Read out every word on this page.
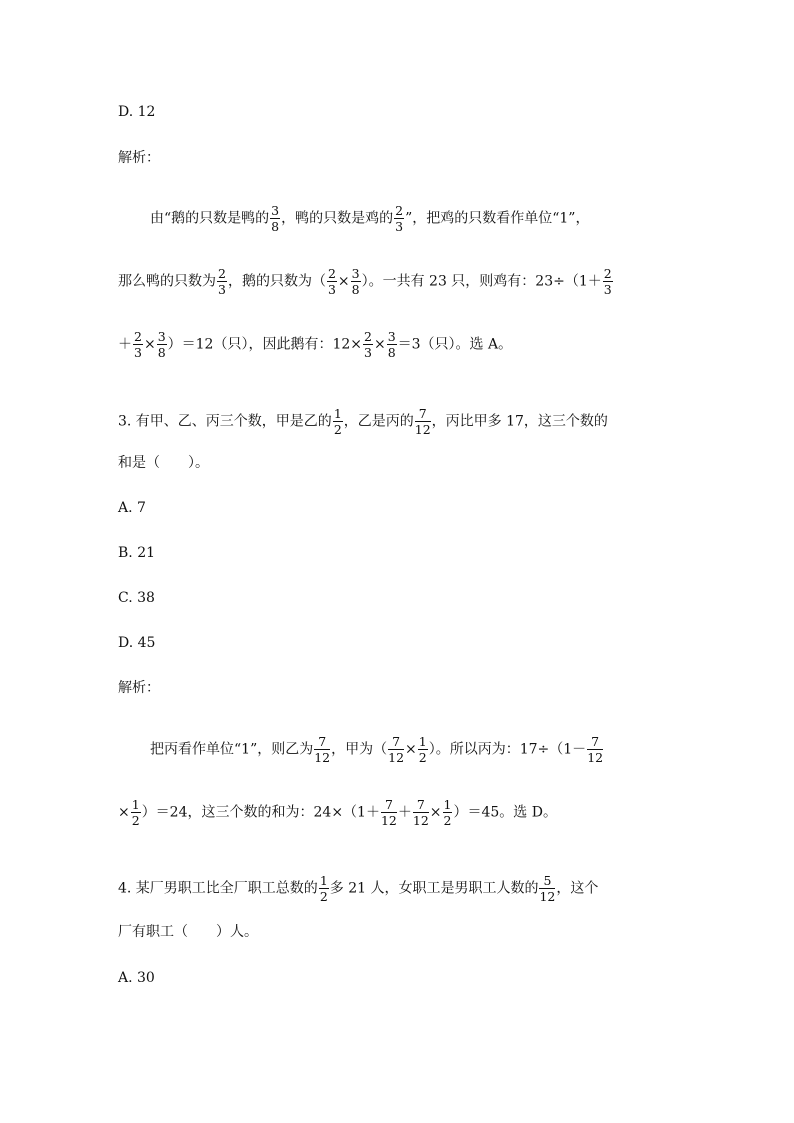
D. 12
解析：
由“鹅的只数是鸭的 $\frac{3}{8}$ ，鸭的只数是鸡的 $\frac{2}{3}$ ”，把鸡的只数看作单位“1”，
那么鸭的只数为 $\frac{2}{3}$ ，鹅的只数为（ $\frac{2}{3} \times \frac{3}{8}$ ）。一共有 23 只，则鸡有：$23\div(1+ \frac{2}{3}$
＋ $\frac{2}{3} \times \frac{3}{8} )=12$（只），因此鹅有：$12\times \frac{2}{3} \times \frac{3}{8} =3$（只）。选 A。
3. 有甲、乙、丙三个数，甲是乙的 $\frac{1}{2}$ ，乙是丙的 $\frac{7}{12}$ ，丙比甲多 17，这三个数的
和是（　　）。
A. 7
B. 21
C. 38
D. 45
解析：
把丙看作单位“1”，则乙为 $\frac{7}{12}$ ，甲为（ $\frac{7}{12} \times \frac{1}{2}$ ）。所以丙为：$17\div(1- \frac{7}{12}$
× $\frac{1}{2} )=24$，这三个数的和为：$24\times(1+ \frac{7}{12} + \frac{7}{12} \times \frac{1}{2} )=45$。选 D。
4. 某厂男职工比全厂职工总数的 $\frac{1}{2}$ 多 21 人，女职工是男职工人数的 $\frac{5}{12}$ ，这个
厂有职工（　　）人。
A. 30
